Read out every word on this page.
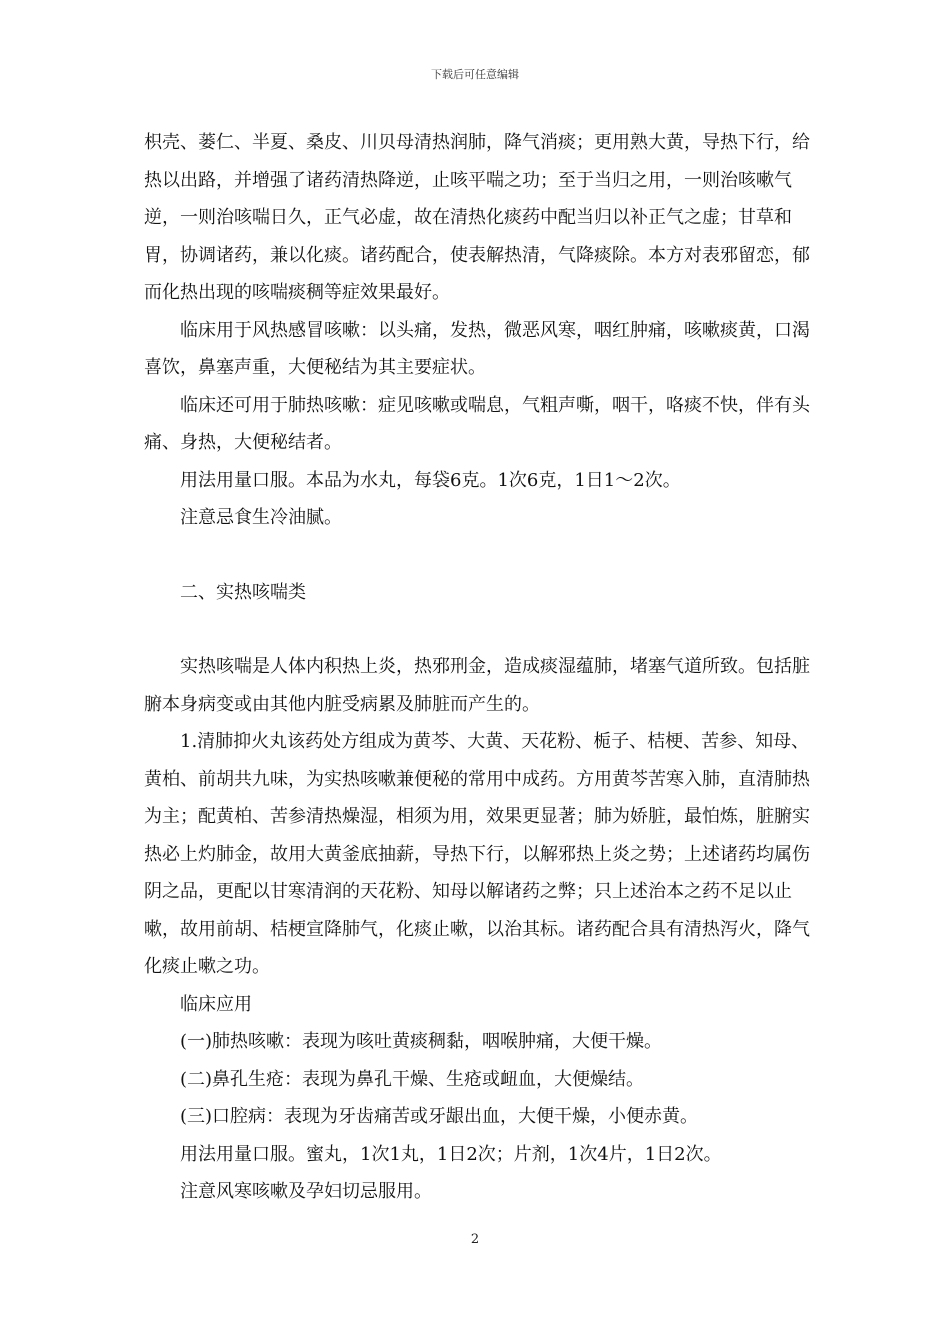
下载后可任意编辑

枳壳、蒌仁、半夏、桑皮、川贝母清热润肺，降气消痰；更用熟大黄，导热下行，给热以出路，并增强了诸药清热降逆，止咳平喘之功；至于当归之用，一则治咳嗽气逆，一则治咳喘日久，正气必虚，故在清热化痰药中配当归以补正气之虚；甘草和胃，协调诸药，兼以化痰。诸药配合，使表解热清，气降痰除。本方对表邪留恋，郁而化热出现的咳喘痰稠等症效果最好。

临床用于风热感冒咳嗽：以头痛，发热，微恶风寒，咽红肿痛，咳嗽痰黄，口渴喜饮，鼻塞声重，大便秘结为其主要症状。

临床还可用于肺热咳嗽：症见咳嗽或喘息，气粗声嘶，咽干，咯痰不快，伴有头痛、身热，大便秘结者。

用法用量口服。本品为水丸，每袋6克。1次6克，1日1～2次。

注意忌食生冷油腻。

二、实热咳喘类

实热咳喘是人体内积热上炎，热邪刑金，造成痰湿蕴肺，堵塞气道所致。包括脏腑本身病变或由其他内脏受病累及肺脏而产生的。

1.清肺抑火丸该药处方组成为黄芩、大黄、天花粉、栀子、桔梗、苦参、知母、黄柏、前胡共九味，为实热咳嗽兼便秘的常用中成药。方用黄芩苦寒入肺，直清肺热为主；配黄柏、苦参清热燥湿，相须为用，效果更显著；肺为娇脏，最怕炼，脏腑实热必上灼肺金，故用大黄釜底抽薪，导热下行，以解邪热上炎之势；上述诸药均属伤阴之品，更配以甘寒清润的天花粉、知母以解诸药之弊；只上述治本之药不足以止嗽，故用前胡、桔梗宣降肺气，化痰止嗽，以治其标。诸药配合具有清热泻火，降气化痰止嗽之功。

临床应用

(一)肺热咳嗽：表现为咳吐黄痰稠黏，咽喉肿痛，大便干燥。

(二)鼻孔生疮：表现为鼻孔干燥、生疮或衄血，大便燥结。

(三)口腔病：表现为牙齿痛苦或牙龈出血，大便干燥，小便赤黄。

用法用量口服。蜜丸，1次1丸，1日2次；片剂，1次4片，1日2次。

注意风寒咳嗽及孕妇切忌服用。

2
